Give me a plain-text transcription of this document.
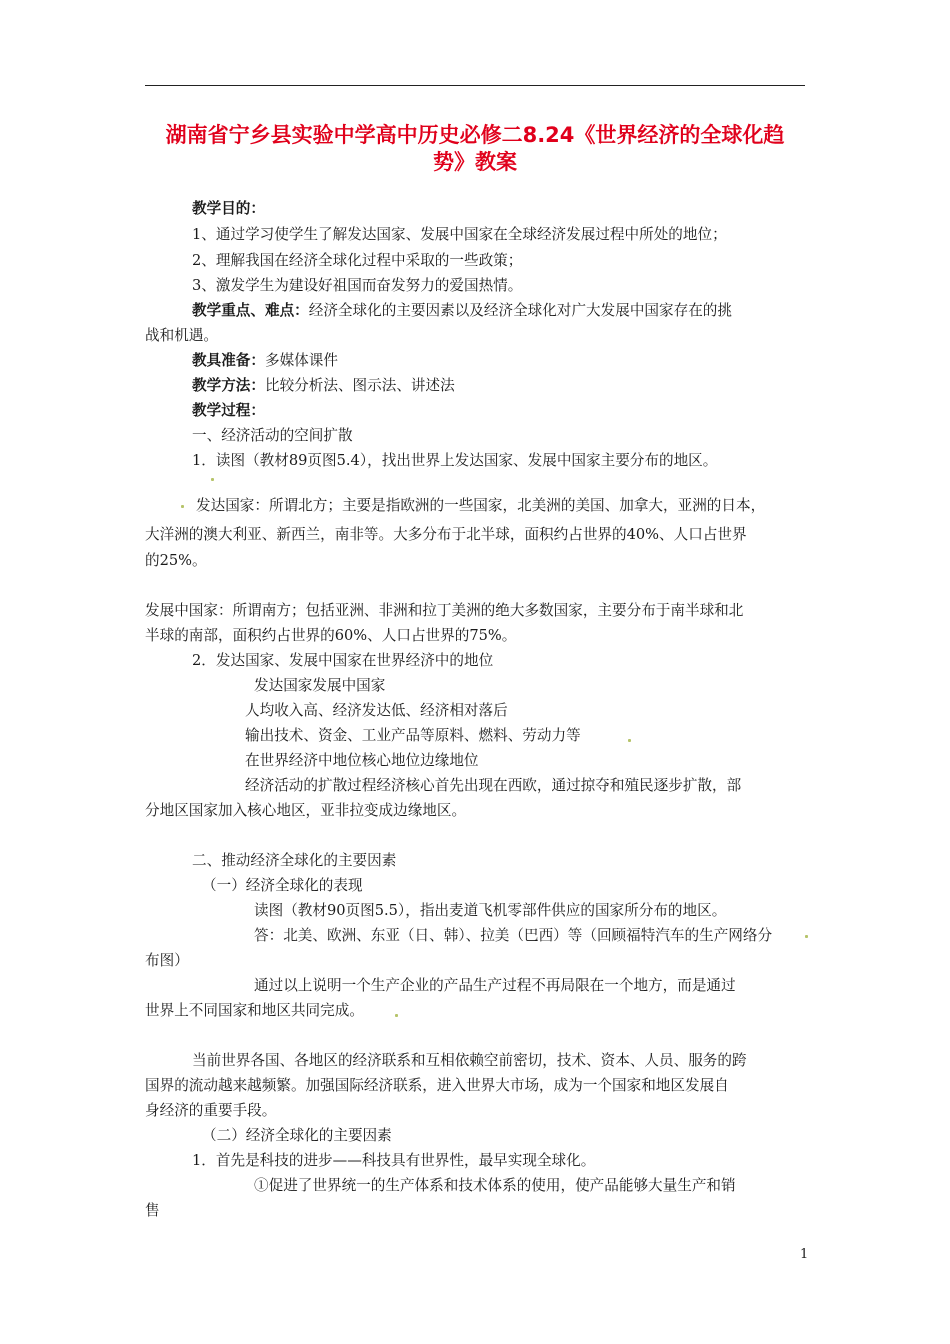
湖南省宁乡县实验中学高中历史必修二8.24《世界经济的全球化趋
势》教案
教学目的：
1、通过学习使学生了解发达国家、发展中国家在全球经济发展过程中所处的地位；
2、理解我国在经济全球化过程中采取的一些政策；
3、激发学生为建设好祖国而奋发努力的爱国热情。
教学重点、难点：经济全球化的主要因素以及经济全球化对广大发展中国家存在的挑
战和机遇。
教具准备：多媒体课件
教学方法：比较分析法、图示法、讲述法
教学过程：
一、经济活动的空间扩散
1．读图（教材89页图5.4），找出世界上发达国家、发展中国家主要分布的地区。
发达国家：所谓北方；主要是指欧洲的一些国家，北美洲的美国、加拿大，亚洲的日本，
大洋洲的澳大利亚、新西兰，南非等。大多分布于北半球，面积约占世界的40%、人口占世界
的25%。
发展中国家：所谓南方；包括亚洲、非洲和拉丁美洲的绝大多数国家，主要分布于南半球和北
半球的南部，面积约占世界的60%、人口占世界的75%。
2．发达国家、发展中国家在世界经济中的地位
发达国家发展中国家
人均收入高、经济发达低、经济相对落后
输出技术、资金、工业产品等原料、燃料、劳动力等
在世界经济中地位核心地位边缘地位
经济活动的扩散过程经济核心首先出现在西欧，通过掠夺和殖民逐步扩散，部
分地区国家加入核心地区，亚非拉变成边缘地区。
二、推动经济全球化的主要因素
（一）经济全球化的表现
读图（教材90页图5.5），指出麦道飞机零部件供应的国家所分布的地区。
答：北美、欧洲、东亚（日、韩）、拉美（巴西）等（回顾福特汽车的生产网络分
布图）
通过以上说明一个生产企业的产品生产过程不再局限在一个地方，而是通过
世界上不同国家和地区共同完成。
当前世界各国、各地区的经济联系和互相依赖空前密切，技术、资本、人员、服务的跨
国界的流动越来越频繁。加强国际经济联系，进入世界大市场，成为一个国家和地区发展自
身经济的重要手段。
（二）经济全球化的主要因素
1．首先是科技的进步——科技具有世界性，最早实现全球化。
①促进了世界统一的生产体系和技术体系的使用，使产品能够大量生产和销
售
1
